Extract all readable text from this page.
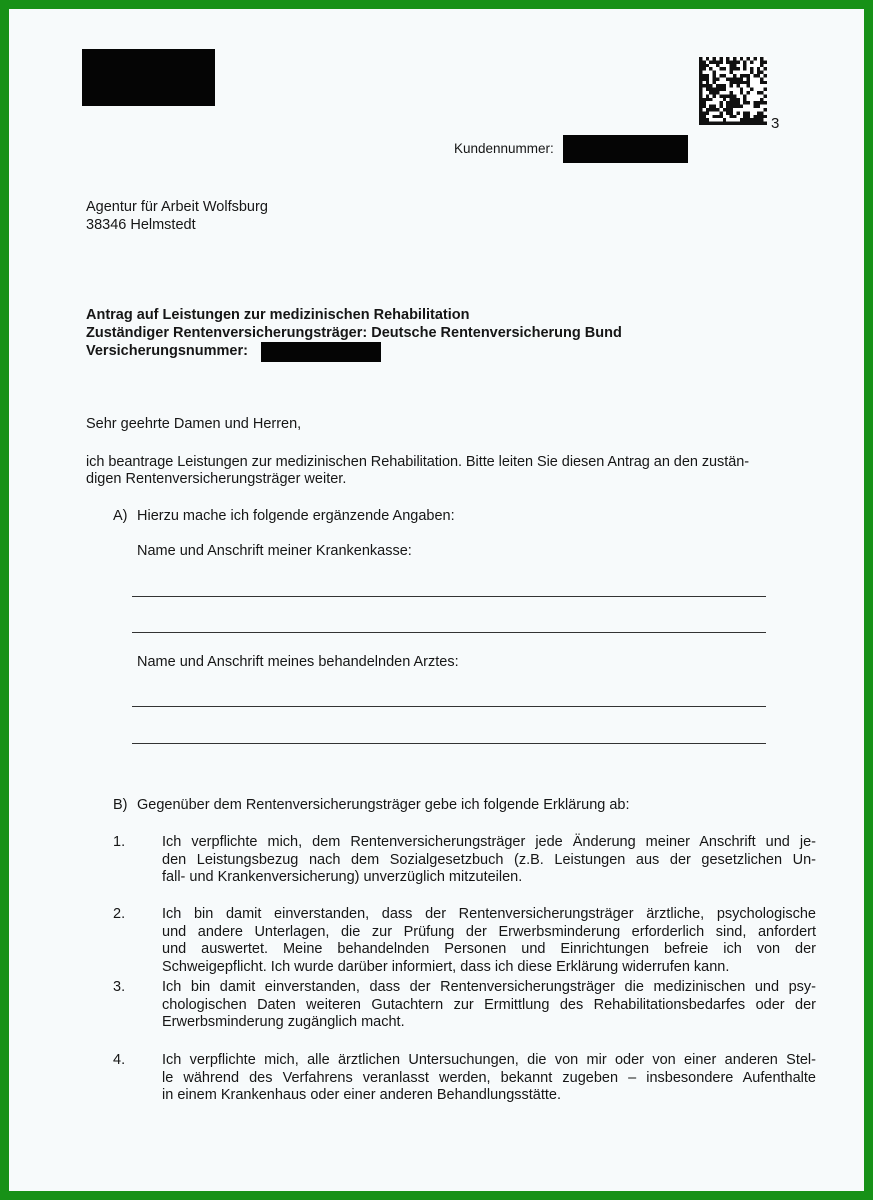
3
Kundennummer:
Agentur für Arbeit Wolfsburg
38346 Helmstedt
Antrag auf Leistungen zur medizinischen Rehabilitation
Zuständiger Rentenversicherungsträger: Deutsche Rentenversicherung Bund
Versicherungsnummer:
Sehr geehrte Damen und Herren,
ich beantrage Leistungen zur medizinischen Rehabilitation. Bitte leiten Sie diesen Antrag an den zustän-
digen Rentenversicherungsträger weiter.
A) Hierzu mache ich folgende ergänzende Angaben:
Name und Anschrift meiner Krankenkasse:
Name und Anschrift meines behandelnden Arztes:
B) Gegenüber dem Rentenversicherungsträger gebe ich folgende Erklärung ab:
1.	Ich verpflichte mich, dem Rentenversicherungsträger jede Änderung meiner Anschrift und je-
den Leistungsbezug nach dem Sozialgesetzbuch (z.B. Leistungen aus der gesetzlichen Un-
fall- und Krankenversicherung) unverzüglich mitzuteilen.
2.	Ich bin damit einverstanden, dass der Rentenversicherungsträger ärztliche, psychologische
und andere Unterlagen, die zur Prüfung der Erwerbsminderung erforderlich sind, anfordert
und auswertet. Meine behandelnden Personen und Einrichtungen befreie ich von der
Schweigepflicht. Ich wurde darüber informiert, dass ich diese Erklärung widerrufen kann.
3.	Ich bin damit einverstanden, dass der Rentenversicherungsträger die medizinischen und psy-
chologischen Daten weiteren Gutachtern zur Ermittlung des Rehabilitationsbedarfes oder der
Erwerbsminderung zugänglich macht.
4.	Ich verpflichte mich, alle ärztlichen Untersuchungen, die von mir oder von einer anderen Stel-
le während des Verfahrens veranlasst werden, bekannt zugeben – insbesondere Aufenthalte
in einem Krankenhaus oder einer anderen Behandlungsstätte.
